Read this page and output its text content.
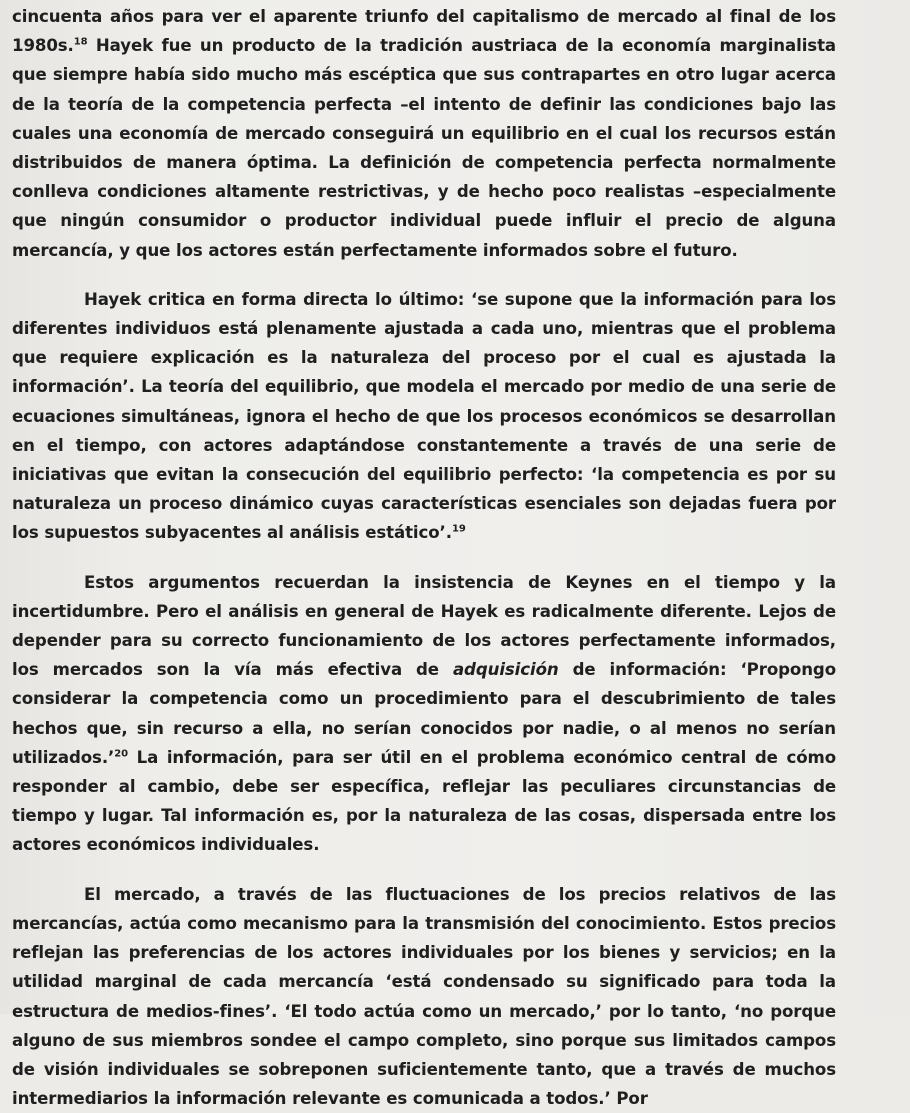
cincuenta años para ver el aparente triunfo del capitalismo de mercado al final de los 1980s.$^{18}$ Hayek fue un producto de la tradición austriaca de la economía marginalista que siempre había sido mucho más escéptica que sus contrapartes en otro lugar acerca de la teoría de la competencia perfecta –el intento de definir las condiciones bajo las cuales una economía de mercado conseguirá un equilibrio en el cual los recursos están distribuidos de manera óptima. La definición de competencia perfecta normalmente conlleva condiciones altamente restrictivas, y de hecho poco realistas –especialmente que ningún consumidor o productor individual puede influir el precio de alguna mercancía, y que los actores están perfectamente informados sobre el futuro.

Hayek critica en forma directa lo último: ‘se supone que la información para los diferentes individuos está plenamente ajustada a cada uno, mientras que el problema que requiere explicación es la naturaleza del proceso por el cual es ajustada la información’. La teoría del equilibrio, que modela el mercado por medio de una serie de ecuaciones simultáneas, ignora el hecho de que los procesos económicos se desarrollan en el tiempo, con actores adaptándose constantemente a través de una serie de iniciativas que evitan la consecución del equilibrio perfecto: ‘la competencia es por su naturaleza un proceso dinámico cuyas características esenciales son dejadas fuera por los supuestos subyacentes al análisis estático’.$^{19}$

Estos argumentos recuerdan la insistencia de Keynes en el tiempo y la incertidumbre. Pero el análisis en general de Hayek es radicalmente diferente. Lejos de depender para su correcto funcionamiento de los actores perfectamente informados, los mercados son la vía más efectiva de adquisición de información: ‘Propongo considerar la competencia como un procedimiento para el descubrimiento de tales hechos que, sin recurso a ella, no serían conocidos por nadie, o al menos no serían utilizados.’$^{20}$ La información, para ser útil en el problema económico central de cómo responder al cambio, debe ser específica, reflejar las peculiares circunstancias de tiempo y lugar. Tal información es, por la naturaleza de las cosas, dispersada entre los actores económicos individuales.

El mercado, a través de las fluctuaciones de los precios relativos de las mercancías, actúa como mecanismo para la transmisión del conocimiento. Estos precios reflejan las preferencias de los actores individuales por los bienes y servicios; en la utilidad marginal de cada mercancía ‘está condensado su significado para toda la estructura de medios-fines’. ‘El todo actúa como un mercado,’ por lo tanto, ‘no porque alguno de sus miembros sondee el campo completo, sino porque sus limitados campos de visión individuales se sobreponen suficientemente tanto, que a través de muchos intermediarios la información relevante es comunicada a todos.’ Por
